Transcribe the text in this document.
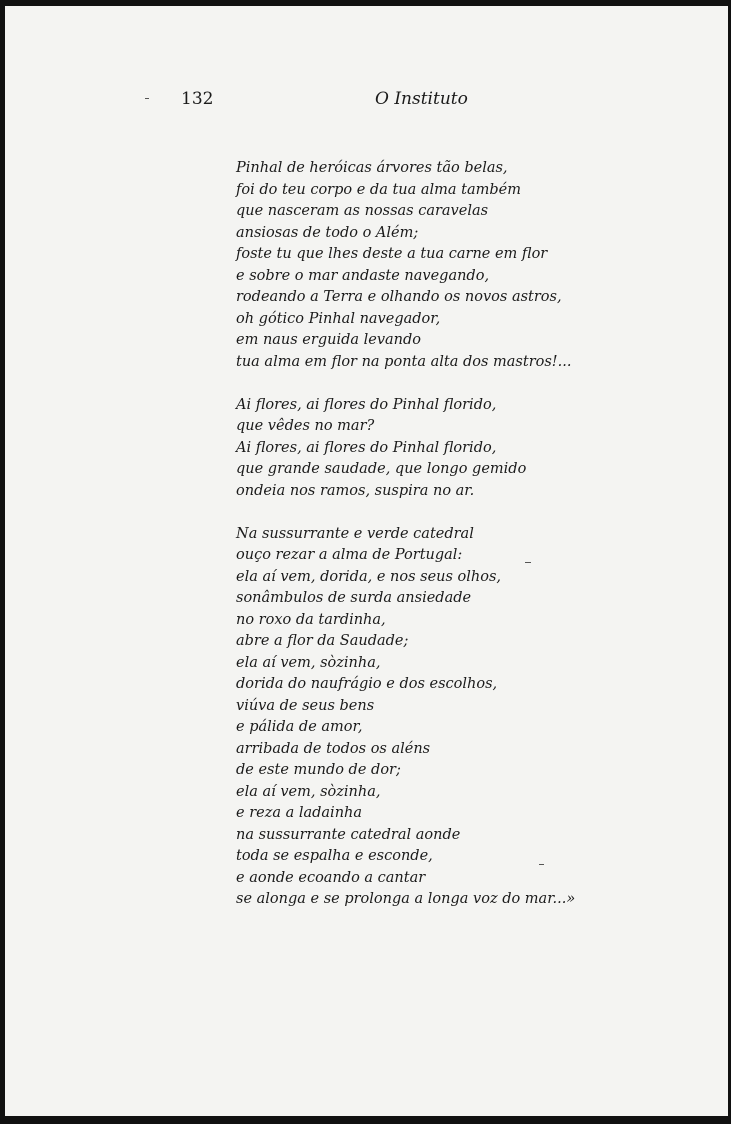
132	O Instituto

Pinhal de heróicas árvores tão belas,
foi do teu corpo e da tua alma também
que nasceram as nossas caravelas
ansiosas de todo o Além;
foste tu que lhes deste a tua carne em flor
e sobre o mar andaste navegando,
rodeando a Terra e olhando os novos astros,
oh gótico Pinhal navegador,
em naus erguida levando
tua alma em flor na ponta alta dos mastros!...

Ai flores, ai flores do Pinhal florido,
que vêdes no mar?
Ai flores, ai flores do Pinhal florido,
que grande saudade, que longo gemido
ondeia nos ramos, suspira no ar.

Na sussurrante e verde catedral
ouço rezar a alma de Portugal:
ela aí vem, dorida, e nos seus olhos,
sonâmbulos de surda ansiedade
no roxo da tardinha,
abre a flor da Saudade;
ela aí vem, sòzinha,
dorida do naufrágio e dos escolhos,
viúva de seus bens
e pálida de amor,
arribada de todos os aléns
de este mundo de dor;
ela aí vem, sòzinha,
e reza a ladainha
na sussurrante catedral aonde
toda se espalha e esconde,
e aonde ecoando a cantar
se alonga e se prolonga a longa voz do mar...»
